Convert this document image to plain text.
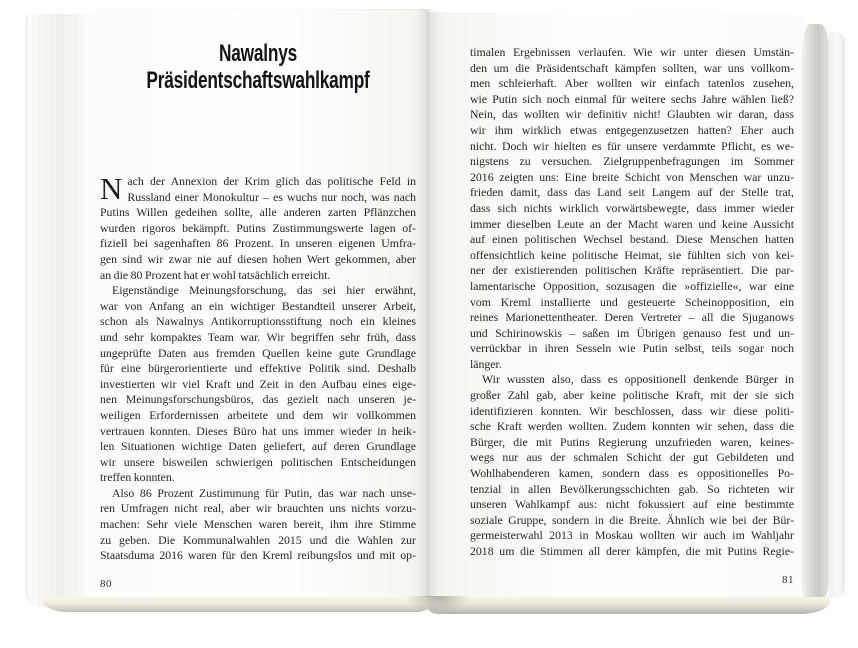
Nawalnys
Präsidentschaftswahlkampf
N ach der Annexion der Krim glich das politische Feld in
Russland einer Monokultur – es wuchs nur noch, was nach
Putins Willen gedeihen sollte, alle anderen zarten Pflänzchen
wurden rigoros bekämpft. Putins Zustimmungswerte lagen of-
fiziell bei sagenhaften 86 Prozent. In unseren eigenen Umfra-
gen sind wir zwar nie auf diesen hohen Wert gekommen, aber
an die 80 Prozent hat er wohl tatsächlich erreicht.
Eigenständige Meinungsforschung, das sei hier erwähnt,
war von Anfang an ein wichtiger Bestandteil unserer Arbeit,
schon als Nawalnys Antikorruptionsstiftung noch ein kleines
und sehr kompaktes Team war. Wir begriffen sehr früh, dass
ungeprüfte Daten aus fremden Quellen keine gute Grundlage
für eine bürgerorientierte und effektive Politik sind. Deshalb
investierten wir viel Kraft und Zeit in den Aufbau eines eige-
nen Meinungsforschungsbüros, das gezielt nach unseren je-
weiligen Erfordernissen arbeitete und dem wir vollkommen
vertrauen konnten. Dieses Büro hat uns immer wieder in heik-
len Situationen wichtige Daten geliefert, auf deren Grundlage
wir unsere bisweilen schwierigen politischen Entscheidungen
treffen konnten.
Also 86 Prozent Zustimmung für Putin, das war nach unse-
ren Umfragen nicht real, aber wir brauchten uns nichts vorzu-
machen: Sehr viele Menschen waren bereit, ihm ihre Stimme
zu geben. Die Kommunalwahlen 2015 und die Wahlen zur
Staatsduma 2016 waren für den Kreml reibungslos und mit op-
80
timalen Ergebnissen verlaufen. Wie wir unter diesen Umstän-
den um die Präsidentschaft kämpfen sollten, war uns vollkom-
men schleierhaft. Aber wollten wir einfach tatenlos zusehen,
wie Putin sich noch einmal für weitere sechs Jahre wählen ließ?
Nein, das wollten wir definitiv nicht! Glaubten wir daran, dass
wir ihm wirklich etwas entgegenzusetzen hatten? Eher auch
nicht. Doch wir hielten es für unsere verdammte Pflicht, es we-
nigstens zu versuchen. Zielgruppenbefragungen im Sommer
2016 zeigten uns: Eine breite Schicht von Menschen war unzu-
frieden damit, dass das Land seit Langem auf der Stelle trat,
dass sich nichts wirklich vorwärtsbewegte, dass immer wieder
immer dieselben Leute an der Macht waren und keine Aussicht
auf einen politischen Wechsel bestand. Diese Menschen hatten
offensichtlich keine politische Heimat, sie fühlten sich von kei-
ner der existierenden politischen Kräfte repräsentiert. Die par-
lamentarische Opposition, sozusagen die »offizielle«, war eine
vom Kreml installierte und gesteuerte Scheinopposition, ein
reines Marionettentheater. Deren Vertreter – all die Sjuganows
und Schirinowskis – saßen im Übrigen genauso fest und un-
verrückbar in ihren Sesseln wie Putin selbst, teils sogar noch
länger.
Wir wussten also, dass es oppositionell denkende Bürger in
großer Zahl gab, aber keine politische Kraft, mit der sie sich
identifizieren konnten. Wir beschlossen, dass wir diese politi-
sche Kraft werden wollten. Zudem konnten wir sehen, dass die
Bürger, die mit Putins Regierung unzufrieden waren, keines-
wegs nur aus der schmalen Schicht der gut Gebildeten und
Wohlhabenderen kamen, sondern dass es oppositionelles Po-
tenzial in allen Bevölkerungsschichten gab. So richteten wir
unseren Wahlkampf aus: nicht fokussiert auf eine bestimmte
soziale Gruppe, sondern in die Breite. Ähnlich wie bei der Bür-
germeisterwahl 2013 in Moskau wollten wir auch im Wahljahr
2018 um die Stimmen all derer kämpfen, die mit Putins Regie-
81
